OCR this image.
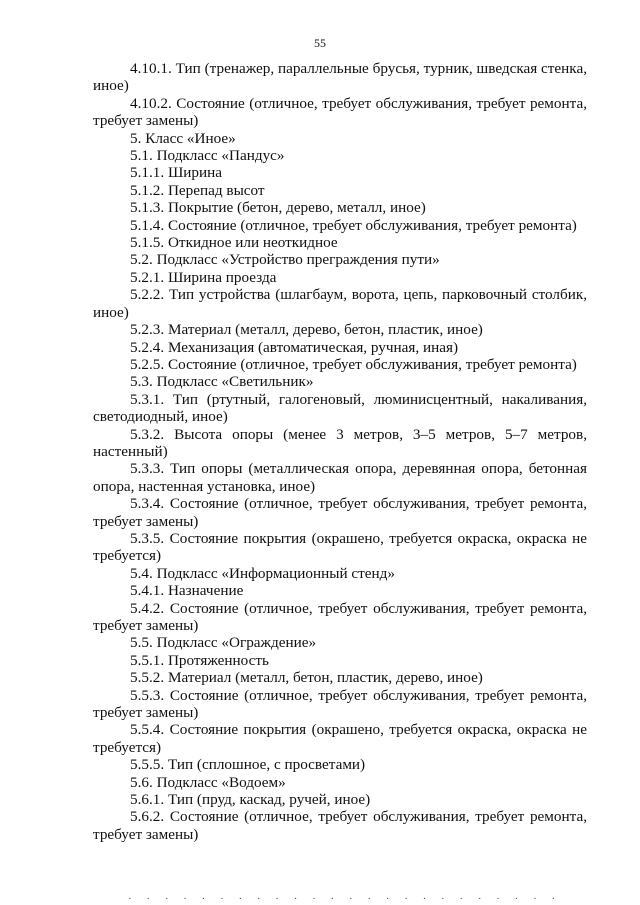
55

4.10.1. Тип (тренажер, параллельные брусья, турник, шведская стенка, иное)

4.10.2. Состояние (отличное, требует обслуживания, требует ремонта, требует замены)

5. Класс «Иное»

5.1. Подкласс «Пандус»

5.1.1. Ширина

5.1.2. Перепад высот

5.1.3. Покрытие (бетон, дерево, металл, иное)

5.1.4. Состояние (отличное, требует обслуживания, требует ремонта)

5.1.5. Откидное или неоткидное

5.2. Подкласс «Устройство преграждения пути»

5.2.1. Ширина проезда

5.2.2. Тип устройства (шлагбаум, ворота, цепь, парковочный столбик, иное)

5.2.3. Материал (металл, дерево, бетон, пластик, иное)

5.2.4. Механизация (автоматическая, ручная, иная)

5.2.5. Состояние (отличное, требует обслуживания, требует ремонта)

5.3. Подкласс «Светильник»

5.3.1. Тип (ртутный, галогеновый, люминисцентный, накаливания, светодиодный, иное)

5.3.2. Высота опоры (менее 3 метров, 3–5 метров, 5–7 метров, настенный)

5.3.3. Тип опоры (металлическая опора, деревянная опора, бетонная опора, настенная установка, иное)

5.3.4. Состояние (отличное, требует обслуживания, требует ремонта, требует замены)

5.3.5. Состояние покрытия (окрашено, требуется окраска, окраска не требуется)

5.4. Подкласс «Информационный стенд»

5.4.1. Назначение

5.4.2. Состояние (отличное, требует обслуживания, требует ремонта, требует замены)

5.5. Подкласс «Ограждение»

5.5.1. Протяженность

5.5.2. Материал (металл, бетон, пластик, дерево, иное)

5.5.3. Состояние (отличное, требует обслуживания, требует ремонта, требует замены)

5.5.4. Состояние покрытия (окрашено, требуется окраска, окраска не требуется)

5.5.5. Тип (сплошное, с просветами)

5.6. Подкласс «Водоем»

5.6.1. Тип (пруд, каскад, ручей, иное)

5.6.2. Состояние (отличное, требует обслуживания, требует ремонта, требует замены)

· · · · · · · · · · · · · · · · · · · · · · · ·
